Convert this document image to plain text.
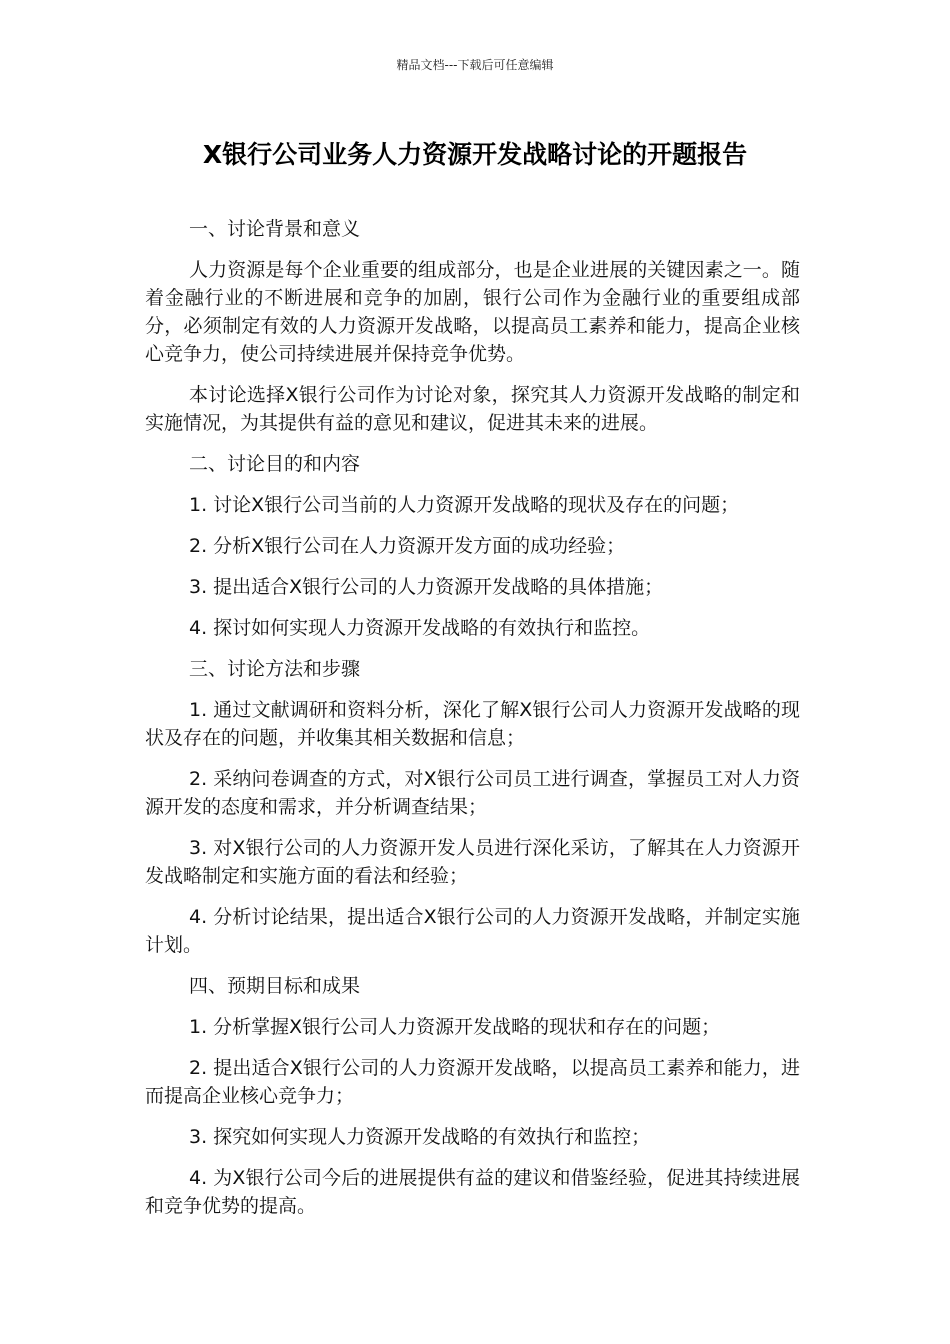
精品文档---下载后可任意编辑
X银行公司业务人力资源开发战略讨论的开题报告

一、讨论背景和意义

人力资源是每个企业重要的组成部分，也是企业进展的关键因素之一。随着金融行业的不断进展和竞争的加剧，银行公司作为金融行业的重要组成部分，必须制定有效的人力资源开发战略，以提高员工素养和能力，提高企业核心竞争力，使公司持续进展并保持竞争优势。

本讨论选择X银行公司作为讨论对象，探究其人力资源开发战略的制定和实施情况，为其提供有益的意见和建议，促进其未来的进展。

二、讨论目的和内容

1. 讨论X银行公司当前的人力资源开发战略的现状及存在的问题；

2. 分析X银行公司在人力资源开发方面的成功经验；

3. 提出适合X银行公司的人力资源开发战略的具体措施；

4. 探讨如何实现人力资源开发战略的有效执行和监控。

三、讨论方法和步骤

1. 通过文献调研和资料分析，深化了解X银行公司人力资源开发战略的现状及存在的问题，并收集其相关数据和信息；

2. 采纳问卷调查的方式，对X银行公司员工进行调查，掌握员工对人力资源开发的态度和需求，并分析调查结果；

3. 对X银行公司的人力资源开发人员进行深化采访，了解其在人力资源开发战略制定和实施方面的看法和经验；

4. 分析讨论结果，提出适合X银行公司的人力资源开发战略，并制定实施计划。

四、预期目标和成果

1. 分析掌握X银行公司人力资源开发战略的现状和存在的问题；

2. 提出适合X银行公司的人力资源开发战略，以提高员工素养和能力，进而提高企业核心竞争力；

3. 探究如何实现人力资源开发战略的有效执行和监控；

4. 为X银行公司今后的进展提供有益的建议和借鉴经验，促进其持续进展和竞争优势的提高。
